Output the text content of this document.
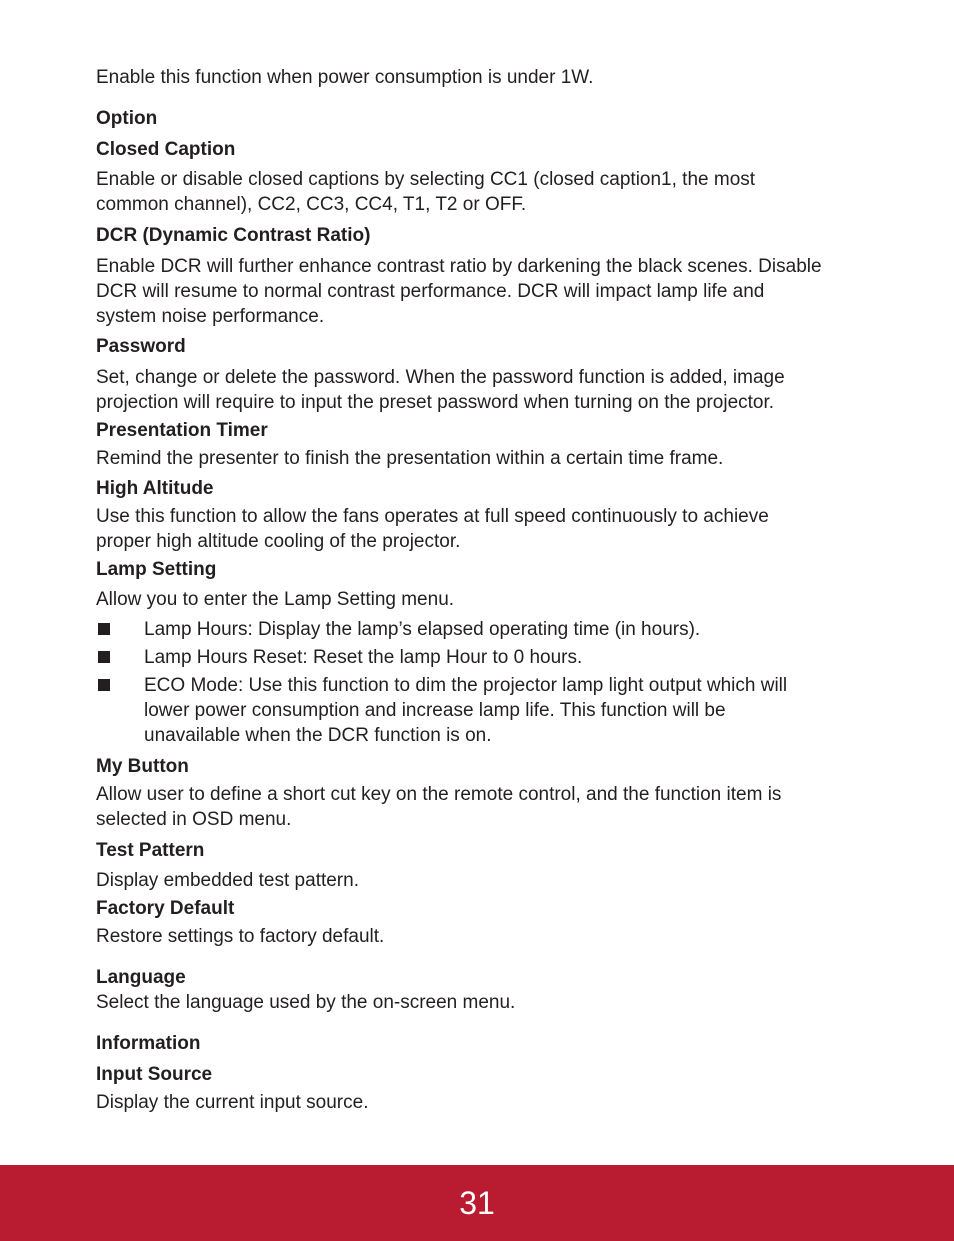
Enable this function when power consumption is under 1W.
Option
Closed Caption
Enable or disable closed captions by selecting CC1 (closed caption1, the most
common channel), CC2, CC3, CC4, T1, T2 or OFF.
DCR (Dynamic Contrast Ratio)
Enable DCR will further enhance contrast ratio by darkening the black scenes. Disable
DCR will resume to normal contrast performance. DCR will impact lamp life and
system noise performance.
Password
Set, change or delete the password. When the password function is added, image
projection will require to input the preset password when turning on the projector.
Presentation Timer
Remind the presenter to finish the presentation within a certain time frame.
High Altitude
Use this function to allow the fans operates at full speed continuously to achieve
proper high altitude cooling of the projector.
Lamp Setting
Allow you to enter the Lamp Setting menu.
Lamp Hours: Display the lamp’s elapsed operating time (in hours).
Lamp Hours Reset: Reset the lamp Hour to 0 hours.
ECO Mode: Use this function to dim the projector lamp light output which will
lower power consumption and increase lamp life. This function will be
unavailable when the DCR function is on.
My Button
Allow user to define a short cut key on the remote control, and the function item is
selected in OSD menu.
Test Pattern
Display embedded test pattern.
Factory Default
Restore settings to factory default.
Language
Select the language used by the on-screen menu.
Information
Input Source
Display the current input source.
31
